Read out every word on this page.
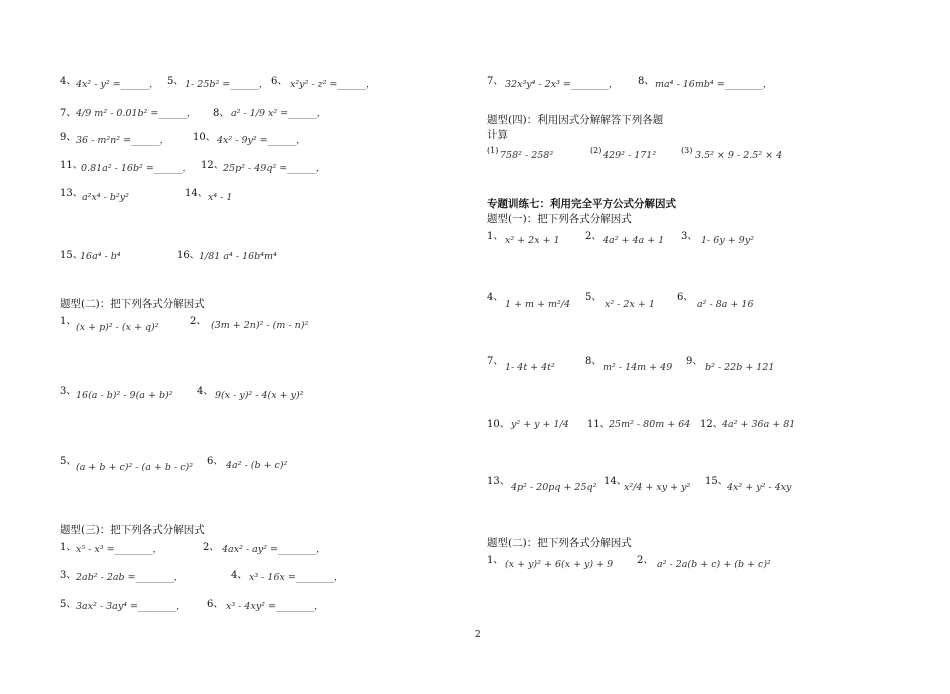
4、 4x² - y² =______， 5、 1- 25b² =______， 6、 x²y² - z² =______，
7、 4/9 m² - 0.01b² =______， 8、 a² - 1/9 x² =______，
9、 36 - m²n² =______， 10、 4x² - 9y² =______，
11、
0.81a² - 16b² =______， 12、 25p² - 49q² =______，
13、 a²x⁴ - b²y²	14、 x⁴ - 1
15、
16a⁴ - b⁴	16、 1/81 a⁴ - 16b⁴m⁴
题型(二)：把下列各式分解因式
1、
(x + p)² - (x + q)²
2、 (3m + 2n)² - (m - n)²
3、 16(a - b)² - 9(a + b)² 4、 9(x - y)² - 4(x + y)²
5、
(a + b + c)² - (a + b - c)²
6、 4a² - (b + c)²
题型(三)：把下列各式分解因式
1、 x⁵ - x³ =________，	2、 4ax² - ay² =________，
3、 2ab² - 2ab =________，	4、 x³ - 16x =________，
5、 3ax² - 3ay⁴ =________， 6、 x³ - 4xy² =________，
7、 32x³y⁴ - 2x³ =________， 8、 ma⁴ - 16mb⁴ =________，
题型(四)：利用因式分解解答下列各题
计算
(1) 758² - 258²	(2) 429² - 171²	(3) 3.5² × 9 - 2.5² × 4
专题训练七：利用完全平方公式分解因式
题型(一)：把下列各式分解因式
1、 x² + 2x + 1	2、 4a² + 4a + 1 3、 1- 6y + 9y²
4、
1 + m + m²/4
5、
x² - 2x + 1
6、
a² - 8a + 16
7、
1- 4t + 4t²
8、
m² - 14m + 49
9、
b² - 22b + 121
10、 y² + y + 1/4 11、 25m² - 80m + 64 12、 4a² + 36a + 81
13、
4p² - 20pq + 25q²
14、
x²/4 + xy + y²
15、
4x² + y² - 4xy
题型(二)：把下列各式分解因式
1、 (x + y)² + 6(x + y) + 9 2、 a² - 2a(b + c) + (b + c)²
2
